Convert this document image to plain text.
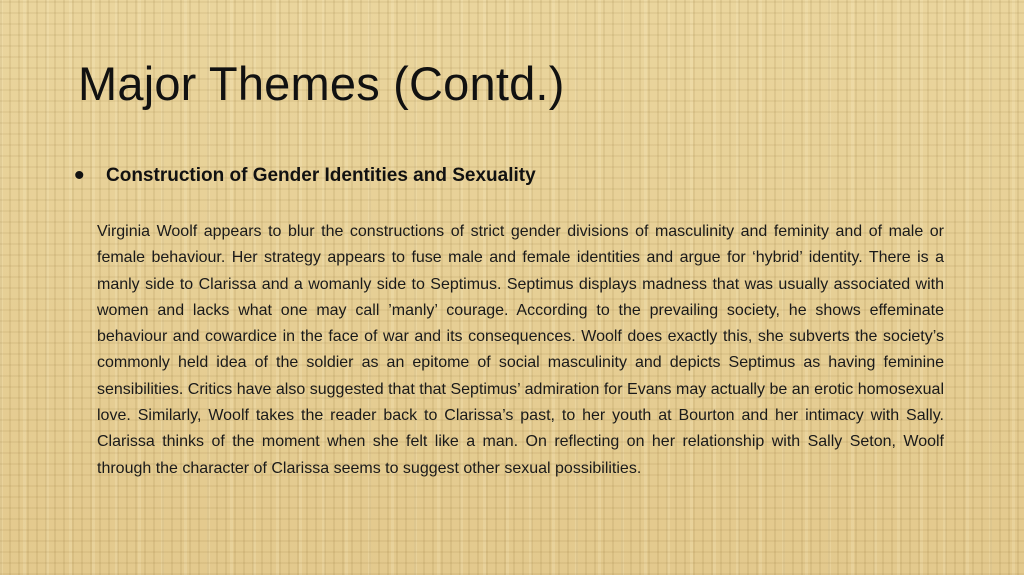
Major Themes (Contd.)
•	Construction of Gender Identities and Sexuality

Virginia Woolf appears to blur the constructions of strict gender divisions of masculinity and feminity and of male or female behaviour. Her strategy appears to fuse male and female identities and argue for ‘hybrid’ identity. There is a manly side to Clarissa and a womanly side to Septimus. Septimus displays madness that was usually associated with women and lacks what one may call ’manly’ courage. According to the prevailing society, he shows effeminate behaviour and cowardice in the face of war and its consequences. Woolf does exactly this, she subverts the society’s commonly held idea of the soldier as an epitome of social masculinity and depicts Septimus as having feminine sensibilities. Critics have also suggested that that Septimus’ admiration for Evans may actually be an erotic homosexual love. Similarly, Woolf takes the reader back to Clarissa’s past, to her youth at Bourton and her intimacy with Sally. Clarissa thinks of the moment when she felt like a man. On reflecting on her relationship with Sally Seton, Woolf through the character of Clarissa seems to suggest other sexual possibilities.
